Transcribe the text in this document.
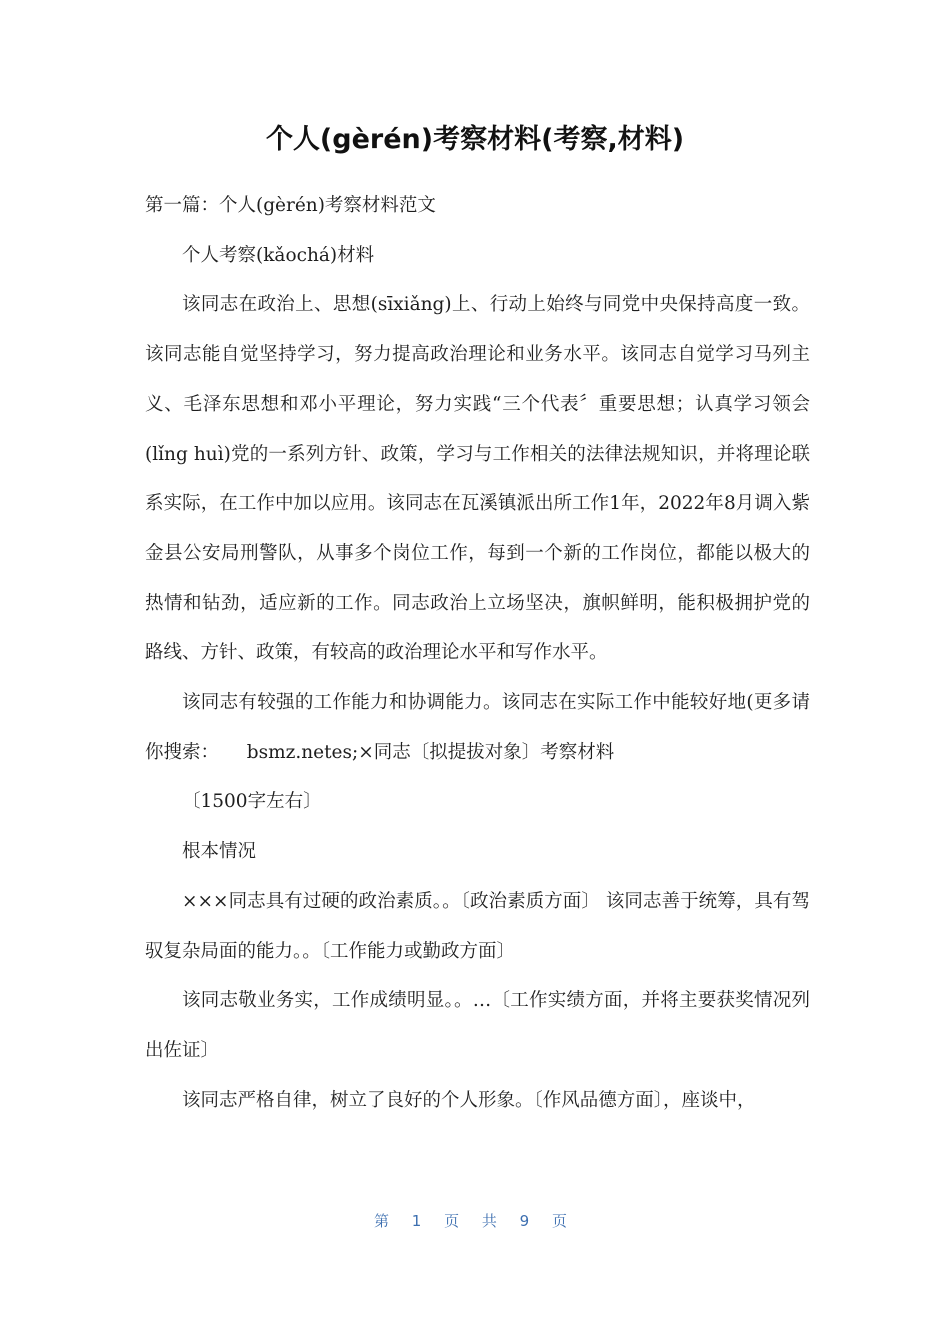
个人(gèrén)考察材料(考察,材料)

第一篇：个人(gèrén)考察材料范文

个人考察(kǎochá)材料

该同志在政治上、思想(sīxiǎng)上、行动上始终与同党中央保持高度一致。该同志能自觉坚持学习，努力提高政治理论和业务水平。该同志自觉学习马列主义、毛泽东思想和邓小平理论，努力实践“三个代表〞重要思想；认真学习领会(lǐng huì)党的一系列方针、政策，学习与工作相关的法律法规知识，并将理论联系实际，在工作中加以应用。该同志在瓦溪镇派出所工作1年，2022年8月调入紫金县公安局刑警队，从事多个岗位工作，每到一个新的工作岗位，都能以极大的热情和钻劲，适应新的工作。同志政治上立场坚决，旗帜鲜明，能积极拥护党的路线、方针、政策，有较高的政治理论水平和写作水平。

该同志有较强的工作能力和协调能力。该同志在实际工作中能较好地(更多请你搜索：　　bsmz.netes;×同志〔拟提拔对象〕考察材料

〔1500字左右〕

根本情况

×××同志具有过硬的政治素质。。〔政治素质方面〕 该同志善于统筹，具有驾驭复杂局面的能力。。〔工作能力或勤政方面〕

该同志敬业务实，工作成绩明显。。…〔工作实绩方面，并将主要获奖情况列出佐证〕

该同志严格自律，树立了良好的个人形象。〔作风品德方面〕，座谈中，

第 1 页 共 9 页
